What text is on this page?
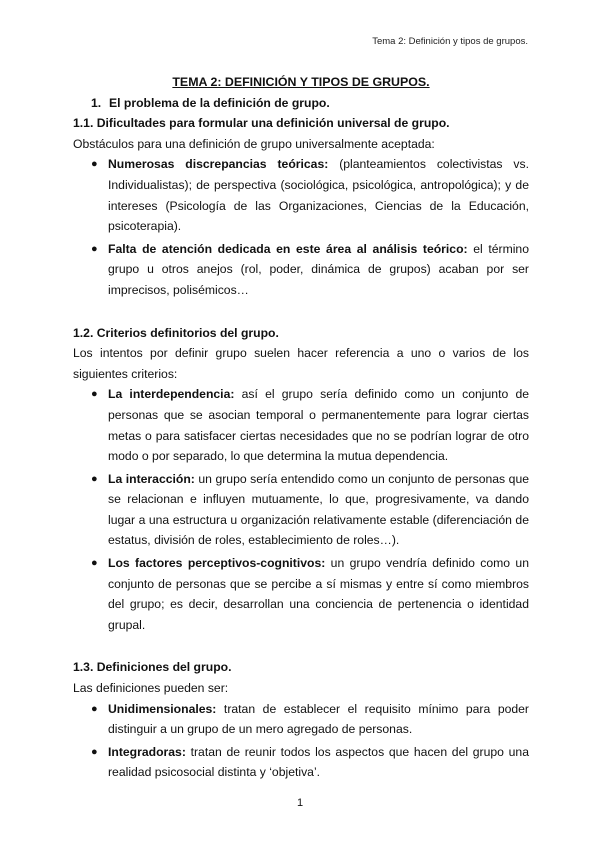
Tema 2: Definición y tipos de grupos.

TEMA 2: DEFINICIÓN Y TIPOS DE GRUPOS.

1. El problema de la definición de grupo.

1.1. Dificultades para formular una definición universal de grupo.

Obstáculos para una definición de grupo universalmente aceptada:

● Numerosas discrepancias teóricas: (planteamientos colectivistas vs. Individualistas); de perspectiva (sociológica, psicológica, antropológica); y de intereses (Psicología de las Organizaciones, Ciencias de la Educación, psicoterapia).
● Falta de atención dedicada en este área al análisis teórico: el término grupo u otros anejos (rol, poder, dinámica de grupos) acaban por ser imprecisos, polisémicos…

1.2. Criterios definitorios del grupo.

Los intentos por definir grupo suelen hacer referencia a uno o varios de los siguientes criterios:

● La interdependencia: así el grupo sería definido como un conjunto de personas que se asocian temporal o permanentemente para lograr ciertas metas o para satisfacer ciertas necesidades que no se podrían lograr de otro modo o por separado, lo que determina la mutua dependencia.
● La interacción: un grupo sería entendido como un conjunto de personas que se relacionan e influyen mutuamente, lo que, progresivamente, va dando lugar a una estructura u organización relativamente estable (diferenciación de estatus, división de roles, establecimiento de roles…).
● Los factores perceptivos-cognitivos: un grupo vendría definido como un conjunto de personas que se percibe a sí mismas y entre sí como miembros del grupo; es decir, desarrollan una conciencia de pertenencia o identidad grupal.

1.3. Definiciones del grupo.

Las definiciones pueden ser:

● Unidimensionales: tratan de establecer el requisito mínimo para poder distinguir a un grupo de un mero agregado de personas.
● Integradoras: tratan de reunir todos los aspectos que hacen del grupo una realidad psicosocial distinta y ‘objetiva’.
1
